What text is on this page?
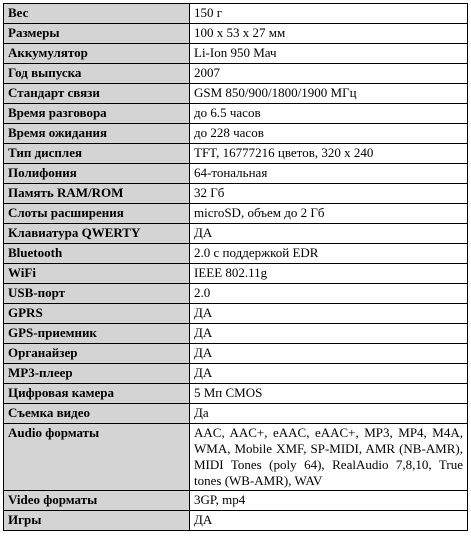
Вес	150 г
Размеры	100 x 53 x 27 мм
Аккумулятор	Li-Ion 950 Мач
Год выпуска	2007
Стандарт связи	GSM 850/900/1800/1900 МГц
Время разговора	до 6.5 часов
Время ожидания	до 228 часов
Тип дисплея	TFT, 16777216 цветов, 320 x 240
Полифония	64-тональная
Память RAM/ROM	32 Гб
Слоты расширения	microSD, объем до 2 Гб
Клавиатура QWERTY	ДА
Bluetooth	2.0 с поддержкой EDR
WiFi	IEEE 802.11g
USB-порт	2.0
GPRS	ДА
GPS-приемник	ДА
Органайзер	ДА
MP3-плеер	ДА
Цифровая камера	5 Мп CMOS
Съемка видео	Да
Audio форматы	AAC, AAC+, eAAC, eAAC+, MP3, MP4, M4A, WMA, Mobile XMF, SP-MIDI, AMR (NB-AMR), MIDI Tones (poly 64), RealAudio 7,8,10, True tones (WB-AMR), WAV
Video форматы	3GP, mp4
Игры	ДА
